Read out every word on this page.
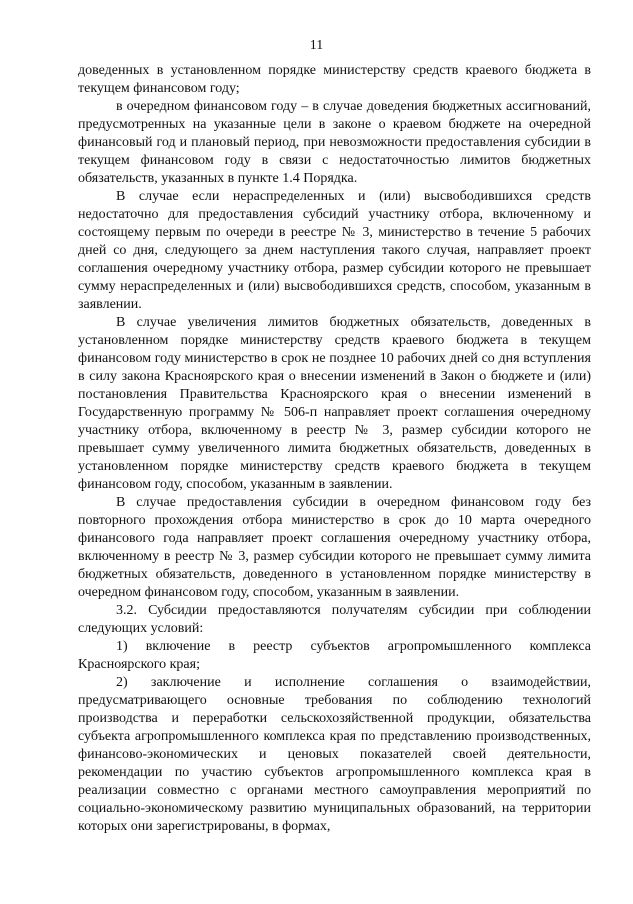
11

доведенных в установленном порядке министерству средств краевого бюджета в текущем финансовом году;

в очередном финансовом году – в случае доведения бюджетных ассигнований, предусмотренных на указанные цели в законе о краевом бюджете на очередной финансовый год и плановый период, при невозможности предоставления субсидии в текущем финансовом году в связи с недостаточностью лимитов бюджетных обязательств, указанных в пункте 1.4 Порядка.

В случае если нераспределенных и (или) высвободившихся средств недостаточно для предоставления субсидий участнику отбора, включенному и состоящему первым по очереди в реестре № 3, министерство в течение 5 рабочих дней со дня, следующего за днем наступления такого случая, направляет проект соглашения очередному участнику отбора, размер субсидии которого не превышает сумму нераспределенных и (или) высвободившихся средств, способом, указанным в заявлении.

В случае увеличения лимитов бюджетных обязательств, доведенных в установленном порядке министерству средств краевого бюджета в текущем финансовом году министерство в срок не позднее 10 рабочих дней со дня вступления в силу закона Красноярского края о внесении изменений в Закон о бюджете и (или) постановления Правительства Красноярского края о внесении изменений в Государственную программу № 506-п направляет проект соглашения очередному участнику отбора, включенному в реестр № 3, размер субсидии которого не превышает сумму увеличенного лимита бюджетных обязательств, доведенных в установленном порядке министерству средств краевого бюджета в текущем финансовом году, способом, указанным в заявлении.

В случае предоставления субсидии в очередном финансовом году без повторного прохождения отбора министерство в срок до 10 марта очередного финансового года направляет проект соглашения очередному участнику отбора, включенному в реестр № 3, размер субсидии которого не превышает сумму лимита бюджетных обязательств, доведенного в установленном порядке министерству в очередном финансовом году, способом, указанным в заявлении.

3.2. Субсидии предоставляются получателям субсидии при соблюдении следующих условий:

1) включение в реестр субъектов агропромышленного комплекса Красноярского края;

2) заключение и исполнение соглашения о взаимодействии, предусматривающего основные требования по соблюдению технологий производства и переработки сельскохозяйственной продукции, обязательства субъекта агропромышленного комплекса края по представлению производственных, финансово-экономических и ценовых показателей своей деятельности, рекомендации по участию субъектов агропромышленного комплекса края в реализации совместно с органами местного самоуправления мероприятий по социально-экономическому развитию муниципальных образований, на территории которых они зарегистрированы, в формах,
